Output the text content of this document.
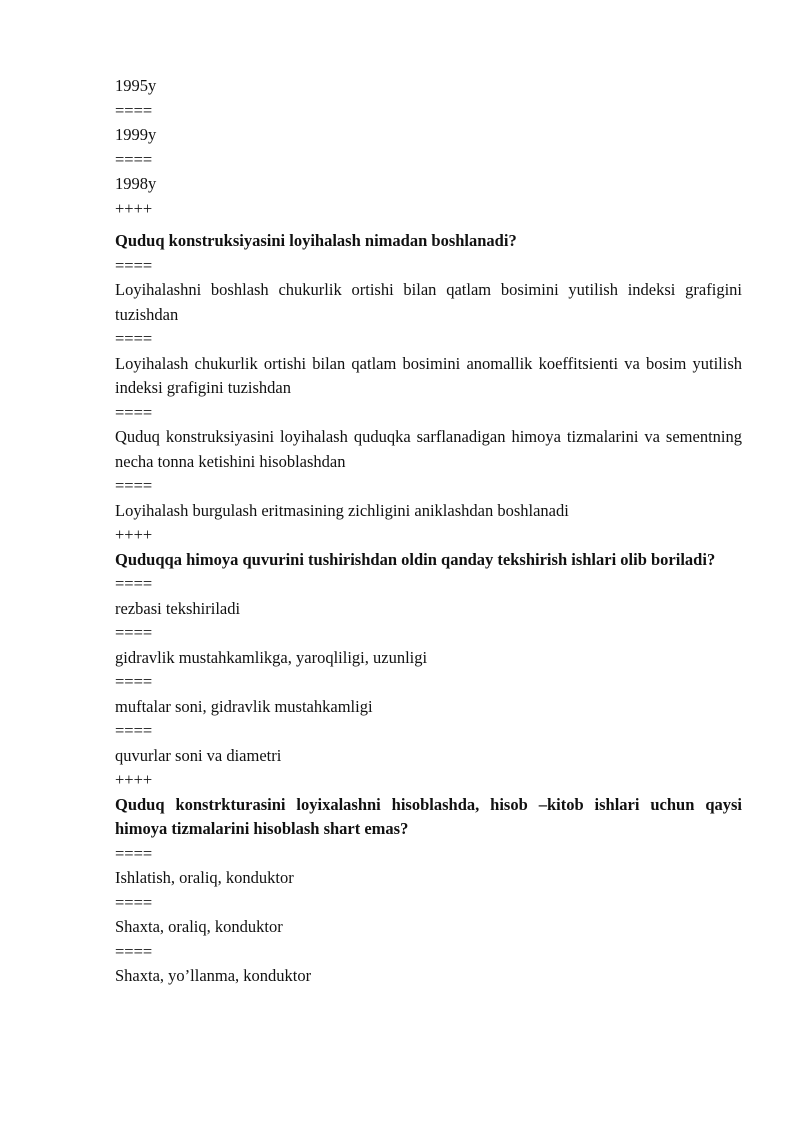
1995y
====
1999y
====
1998y
++++
Quduq konstruksiyasini loyihalash nimadan boshlanadi?
====
Loyihalashni boshlash chukurlik ortishi bilan qatlam bosimini yutilish indeksi grafigini tuzishdan
====
Loyihalash chukurlik ortishi bilan qatlam bosimini anomallik koeffitsienti va bosim yutilish indeksi grafigini tuzishdan
====
Quduq konstruksiyasini loyihalash quduqka sarflanadigan himoya tizmalarini va sementning necha tonna ketishini hisoblashdan
====
Loyihalash burgulash eritmasining zichligini aniklashdan boshlanadi
++++
Quduqqa himoya quvurini tushirishdan oldin qanday tekshirish ishlari olib boriladi?
====
rezbasi tekshiriladi
====
gidravlik mustahkamlikga, yaroqliligi, uzunligi
====
muftalar soni, gidravlik mustahkamligi
====
quvurlar soni va diametri
++++
Quduq konstrkturasini loyixalashni hisoblashda, hisob –kitob ishlari uchun qaysi himoya tizmalarini hisoblash shart emas?
====
Ishlatish, oraliq, konduktor
====
Shaxta, oraliq, konduktor
====
Shaxta, yo’llanma, konduktor
